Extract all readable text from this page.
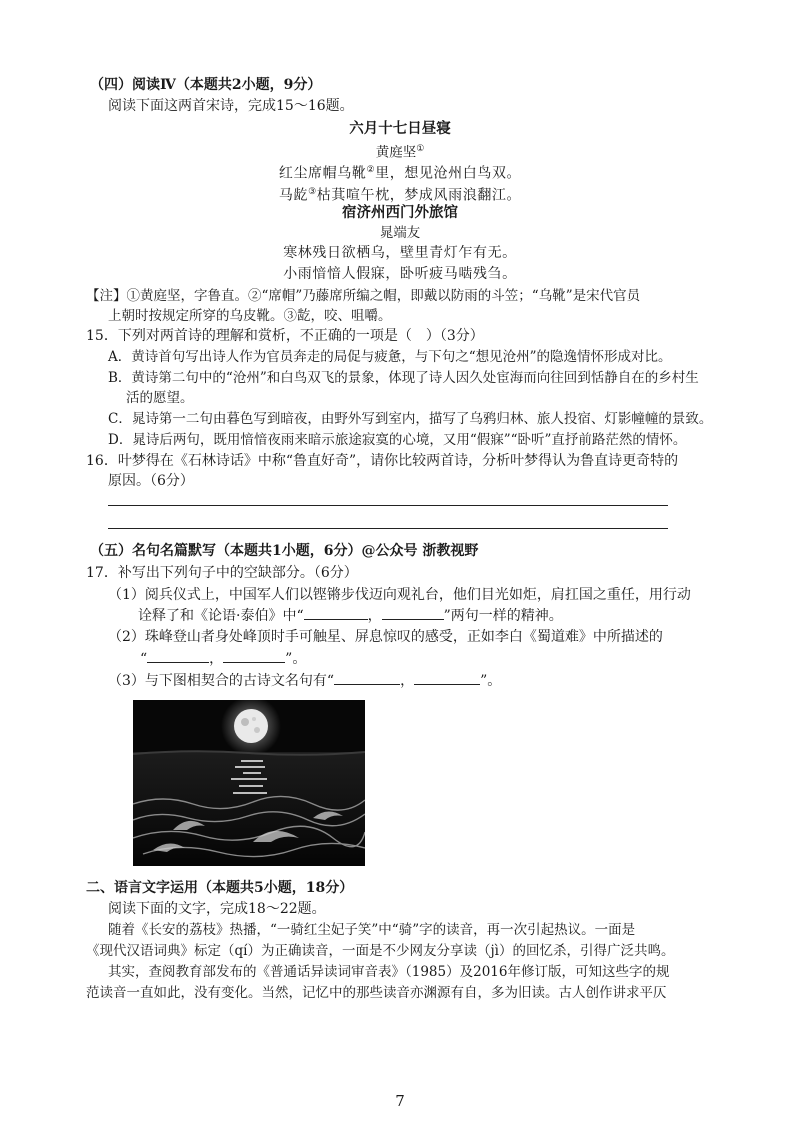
（四）阅读Ⅳ（本题共2小题，9分）
阅读下面这两首宋诗，完成15～16题。
六月十七日昼寝
黄庭坚①
红尘席帽乌靴②里，想见沧州白鸟双。
马龁③枯萁喧午枕，梦成风雨浪翻江。
宿济州西门外旅馆
晁端友
寒林残日欲栖乌，壁里青灯乍有无。
小雨愔愔人假寐，卧听疲马啮残刍。
【注】①黄庭坚，字鲁直。②“席帽”乃藤席所编之帽，即戴以防雨的斗笠；“乌靴”是宋代官员
上朝时按规定所穿的乌皮靴。③龁，咬、咀嚼。
15．下列对两首诗的理解和赏析，不正确的一项是（　）（3分）
A．黄诗首句写出诗人作为官员奔走的局促与疲惫，与下句之“想见沧州”的隐逸情怀形成对比。
B．黄诗第二句中的“沧州”和白鸟双飞的景象，体现了诗人因久处宦海而向往回到恬静自在的乡村生
活的愿望。
C．晁诗第一二句由暮色写到暗夜，由野外写到室内，描写了乌鸦归林、旅人投宿、灯影幢幢的景致。
D．晁诗后两句，既用愔愔夜雨来暗示旅途寂寞的心境，又用“假寐”“卧听”直抒前路茫然的情怀。
16．叶梦得在《石林诗话》中称“鲁直好奇”，请你比较两首诗，分析叶梦得认为鲁直诗更奇特的
原因。（6分）
（五）名句名篇默写（本题共1小题，6分）@公众号 浙教视野
17．补写出下列句子中的空缺部分。（6分）
（1）阅兵仪式上，中国军人们以铿锵步伐迈向观礼台，他们目光如炬，肩扛国之重任，用行动
诠释了和《论语·泰伯》中“	，	”两句一样的精神。
（2）珠峰登山者身处峰顶时手可触星、屏息惊叹的感受，正如李白《蜀道难》中所描述的
“	，	”。
（3）与下图相契合的古诗文名句有“	，	”。
二、语言文字运用（本题共5小题，18分）
阅读下面的文字，完成18～22题。
随着《长安的荔枝》热播，“一骑红尘妃子笑”中“骑”字的读音，再一次引起热议。一面是
《现代汉语词典》标定（qí）为正确读音，一面是不少网友分享读（jì）的回忆杀，引得广泛共鸣。
其实，查阅教育部发布的《普通话异读词审音表》（1985）及2016年修订版，可知这些字的规
范读音一直如此，没有变化。当然，记忆中的那些读音亦渊源有自，多为旧读。古人创作讲求平仄
7
